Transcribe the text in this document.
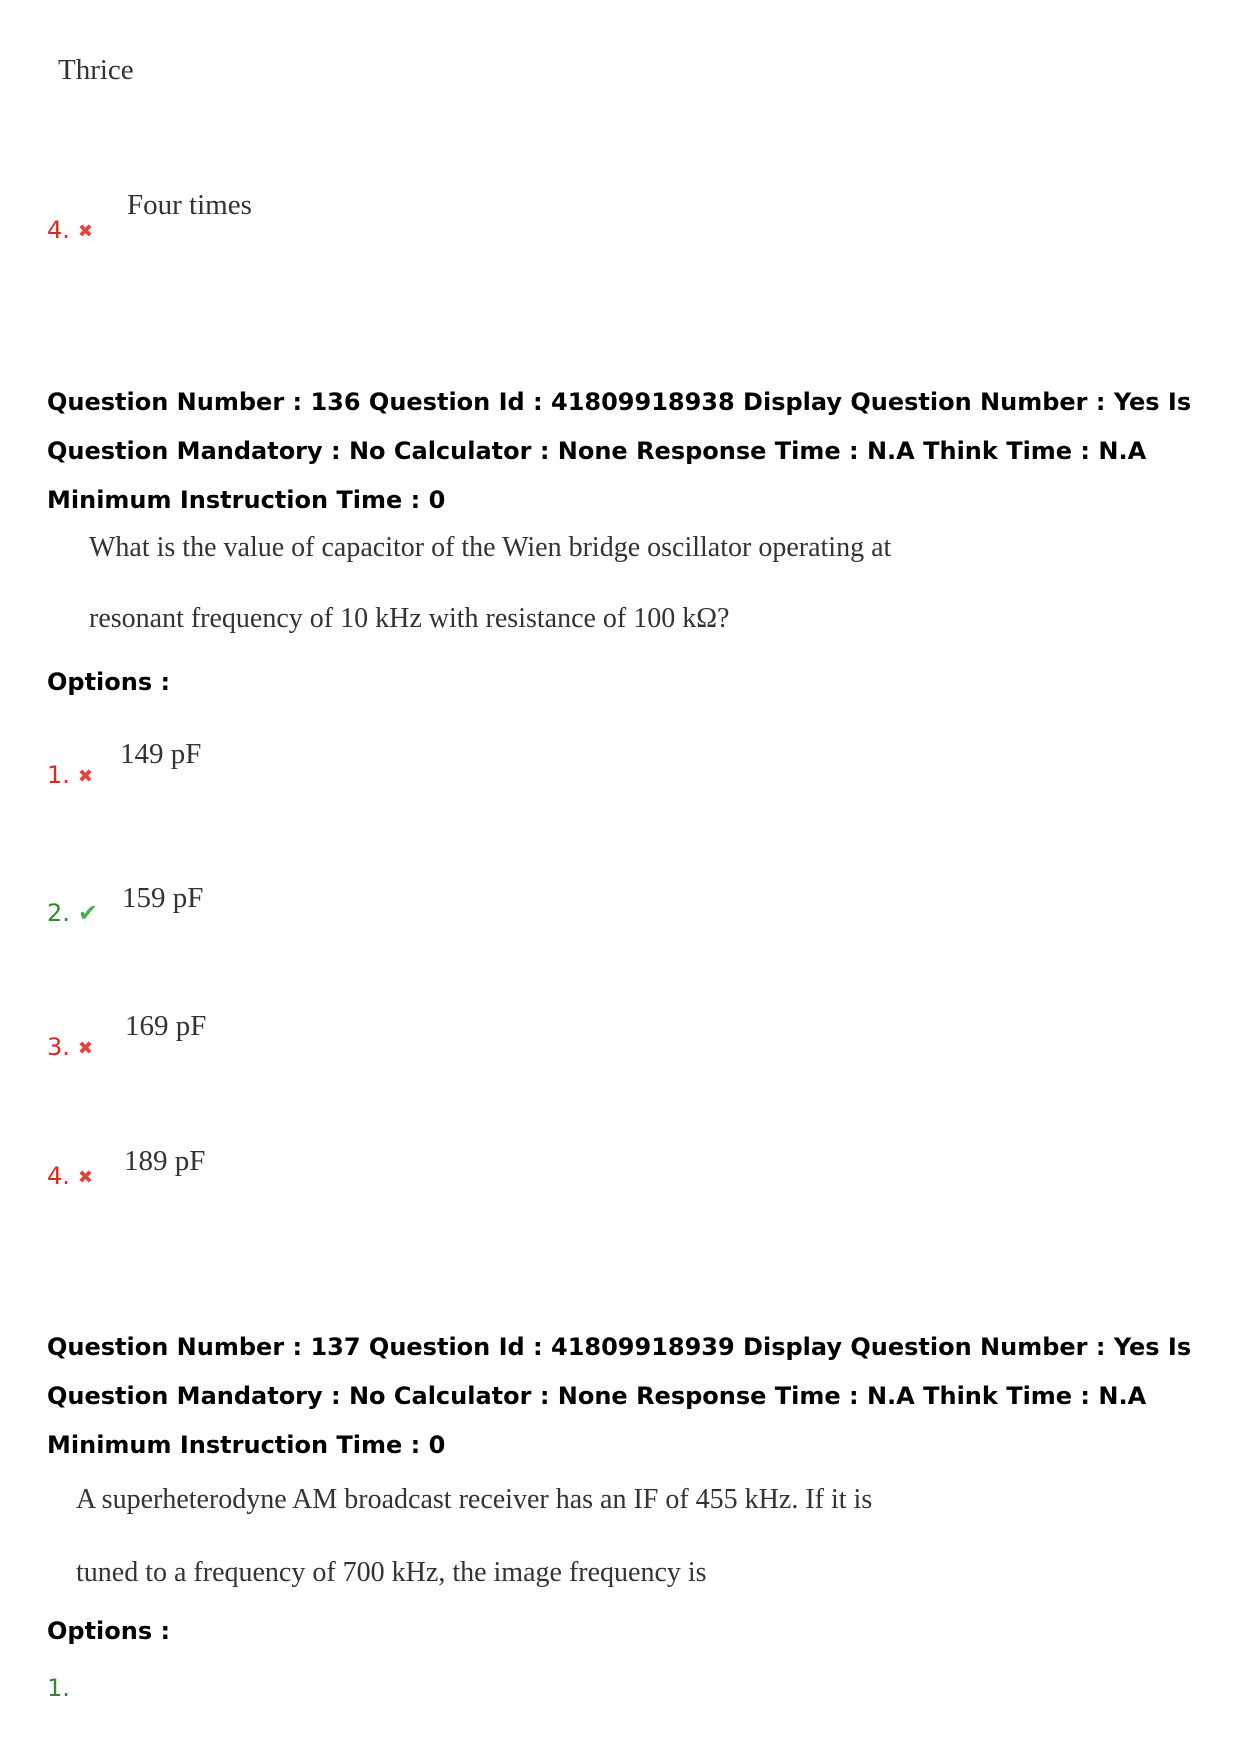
Thrice
4. ✖
Four times
Question Number : 136 Question Id : 41809918938 Display Question Number : Yes Is Question Mandatory : No Calculator : None Response Time : N.A Think Time : N.A Minimum Instruction Time : 0
What is the value of capacitor of the Wien bridge oscillator operating at
resonant frequency of 10 kHz with resistance of 100 kΩ?
Options :
1. ✖
149 pF
2. ✔ 159 pF
3. ✖
169 pF
4. ✖
189 pF
Question Number : 137 Question Id : 41809918939 Display Question Number : Yes Is Question Mandatory : No Calculator : None Response Time : N.A Think Time : N.A Minimum Instruction Time : 0
A superheterodyne AM broadcast receiver has an IF of 455 kHz. If it is
tuned to a frequency of 700 kHz, the image frequency is
Options :
1.
